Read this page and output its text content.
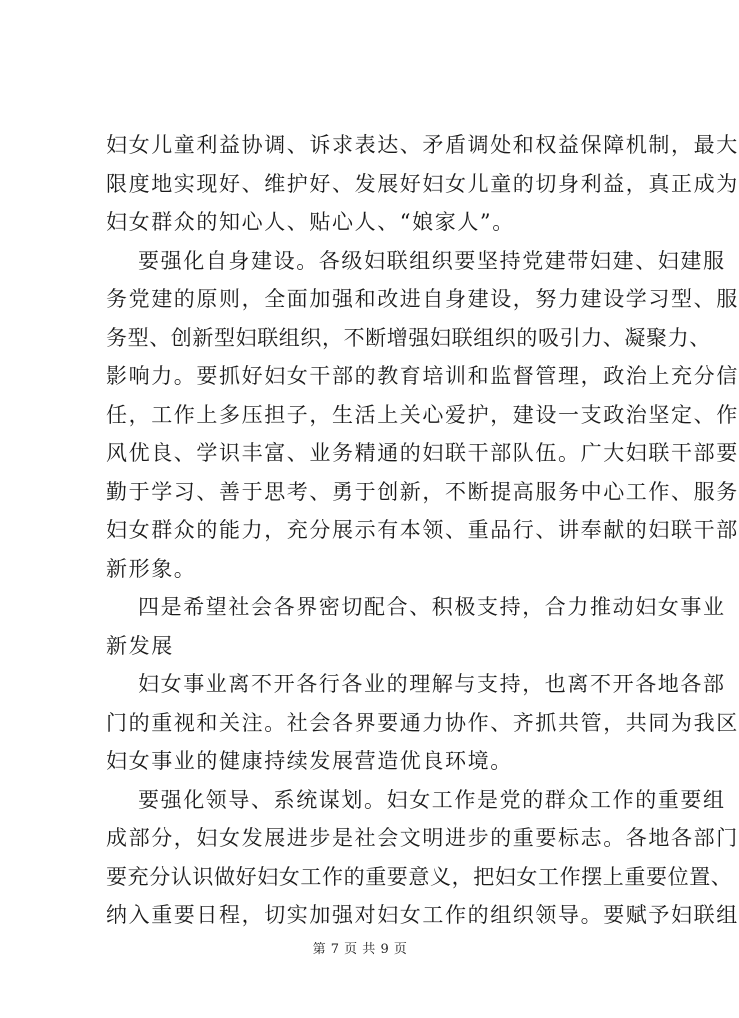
妇女儿童利益协调、诉求表达、矛盾调处和权益保障机制，最大
限度地实现好、维护好、发展好妇女儿童的切身利益，真正成为
妇女群众的知心人、贴心人、“娘家人”。
要强化自身建设。各级妇联组织要坚持党建带妇建、妇建服
务党建的原则，全面加强和改进自身建设，努力建设学习型、服
务型、创新型妇联组织，不断增强妇联组织的吸引力、凝聚力、
影响力。要抓好妇女干部的教育培训和监督管理，政治上充分信
任，工作上多压担子，生活上关心爱护，建设一支政治坚定、作
风优良、学识丰富、业务精通的妇联干部队伍。广大妇联干部要
勤于学习、善于思考、勇于创新，不断提高服务中心工作、服务
妇女群众的能力，充分展示有本领、重品行、讲奉献的妇联干部
新形象。
四是希望社会各界密切配合、积极支持，合力推动妇女事业
新发展
妇女事业离不开各行各业的理解与支持，也离不开各地各部
门的重视和关注。社会各界要通力协作、齐抓共管，共同为我区
妇女事业的健康持续发展营造优良环境。
要强化领导、系统谋划。妇女工作是党的群众工作的重要组
成部分，妇女发展进步是社会文明进步的重要标志。各地各部门
要充分认识做好妇女工作的重要意义，把妇女工作摆上重要位置、
纳入重要日程，切实加强对妇女工作的组织领导。要赋予妇联组
第 7 页 共 9 页
